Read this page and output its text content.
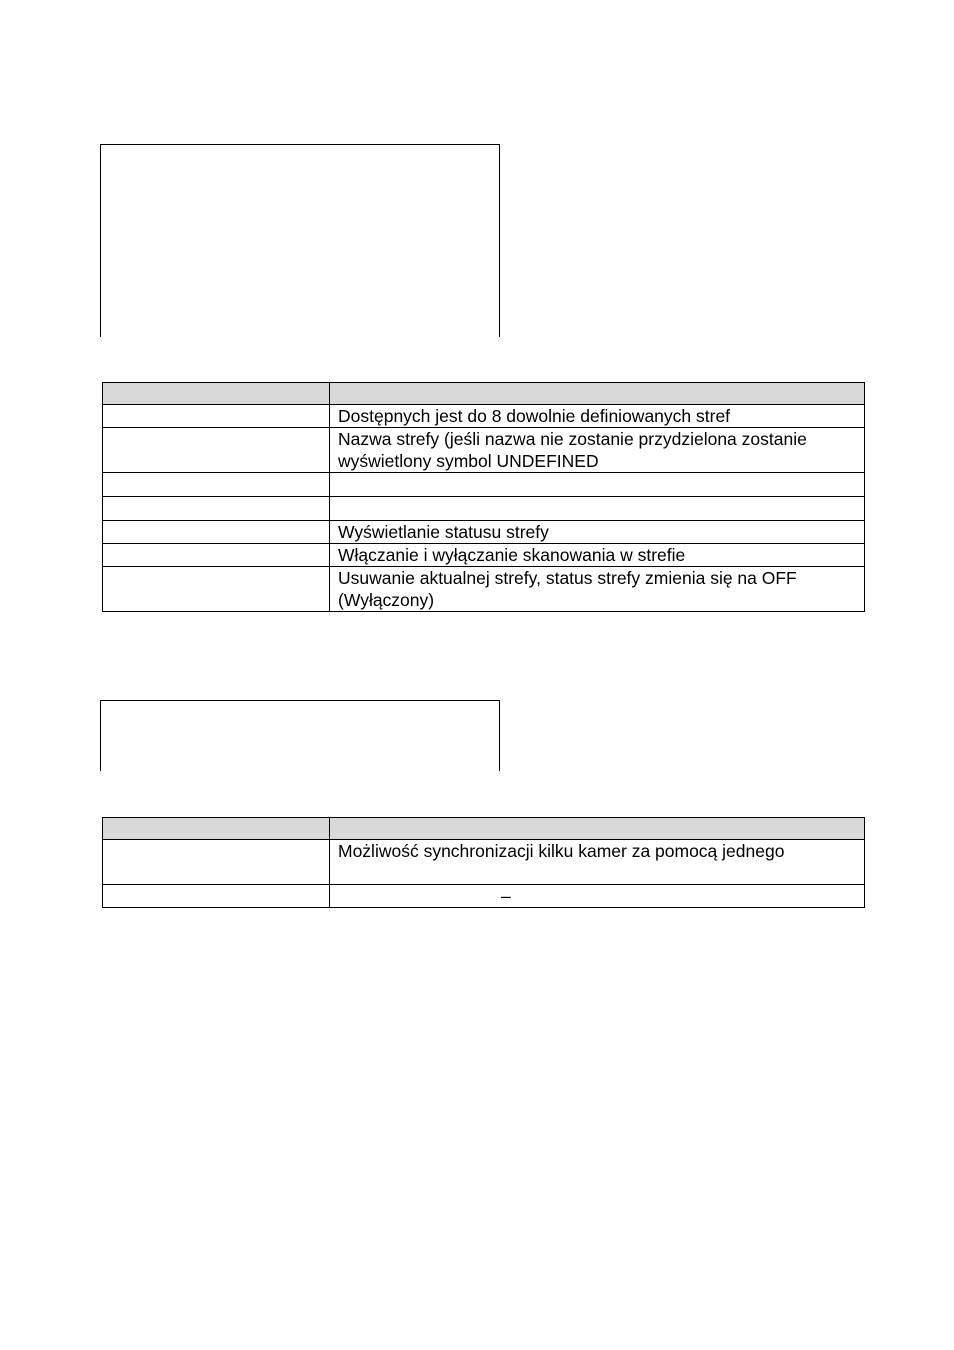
	Dostępnych jest do 8 dowolnie definiowanych stref
	Nazwa strefy (jeśli nazwa nie zostanie przydzielona zostanie wyświetlony symbol UNDEFINED

	Wyświetlanie statusu strefy
	Włączanie i wyłączanie skanowania w strefie
	Usuwanie aktualnej strefy, status strefy zmienia się na OFF (Wyłączony)

	Możliwość synchronizacji kilku kamer za pomocą jednego
	–
